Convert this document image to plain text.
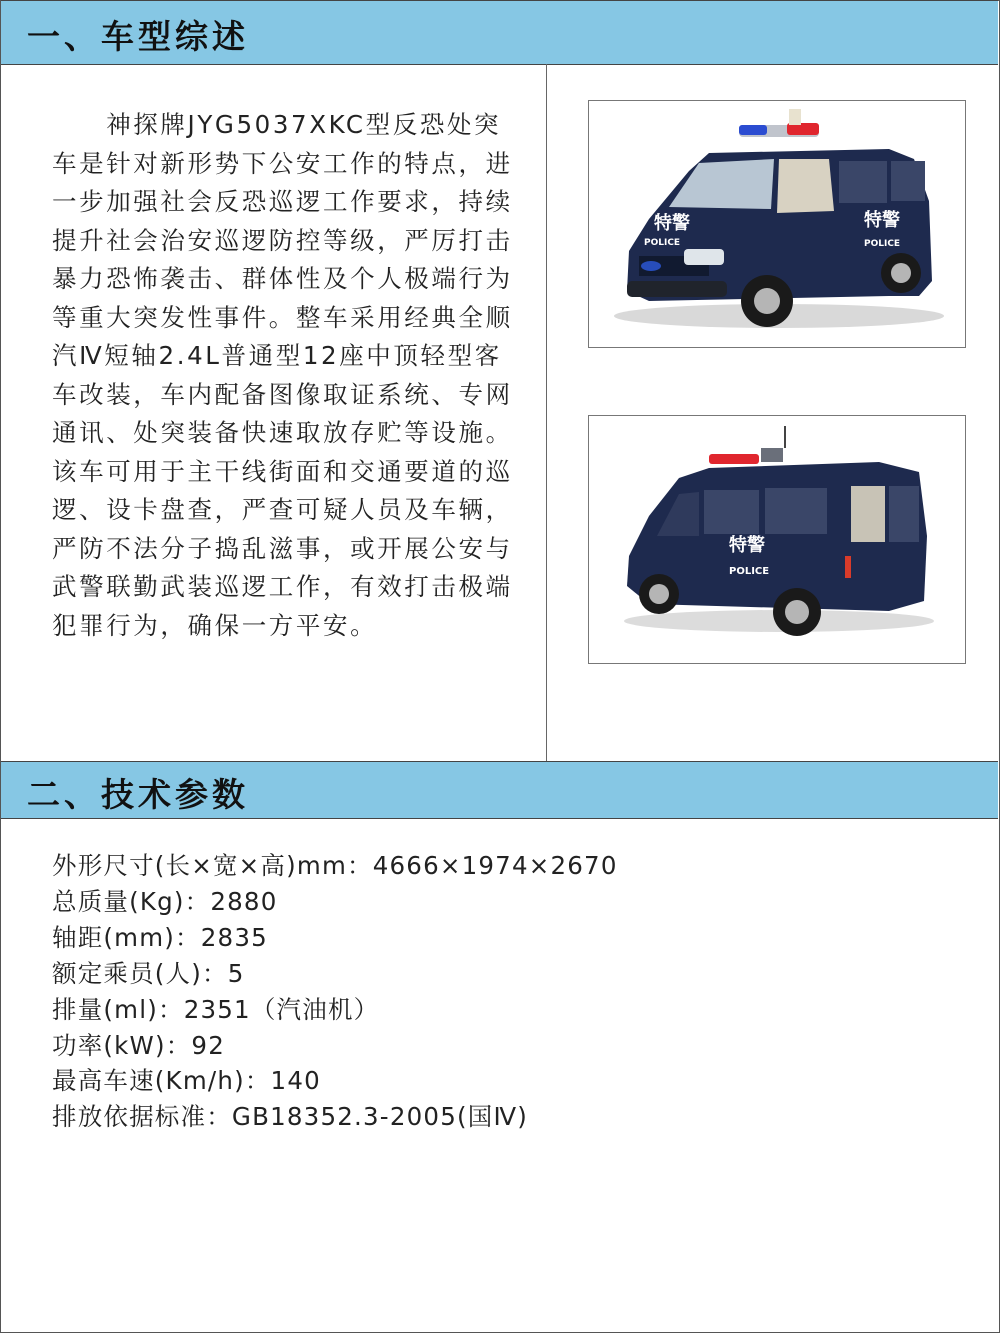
一、车型综述

　　神探牌JYG5037XKC型反恐处突车是针对新形势下公安工作的特点，进一步加强社会反恐巡逻工作要求，持续提升社会治安巡逻防控等级，严厉打击暴力恐怖袭击、群体性及个人极端行为等重大突发性事件。整车采用经典全顺汽Ⅳ短轴2.4L普通型12座中顶轻型客车改装，车内配备图像取证系统、专网通讯、处突装备快速取放存贮等设施。该车可用于主干线街面和交通要道的巡逻、设卡盘查，严查可疑人员及车辆，严防不法分子捣乱滋事，或开展公安与武警联勤武装巡逻工作，有效打击极端犯罪行为，确保一方平安。

特警
POLICE
特警
POLICE
特警
POLICE
二、技术参数
外形尺寸(长×宽×高)mm：4666×1974×2670
总质量(Kg)：2880
轴距(mm)：2835
额定乘员(人)：5
排量(ml)：2351（汽油机）
功率(kW)：92
最高车速(Km/h)：140
排放依据标准：GB18352.3-2005(国Ⅳ)
